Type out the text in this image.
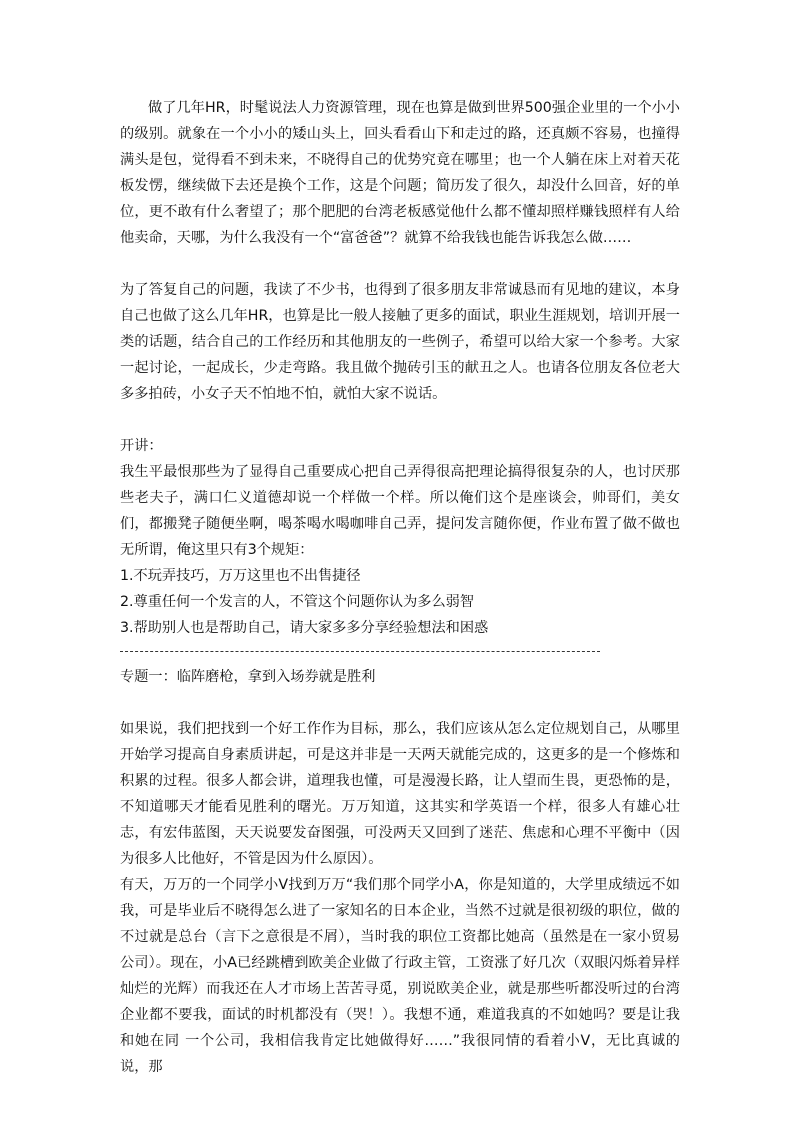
做了几年HR，时髦说法人力资源管理，现在也算是做到世界500强企业里的一个小小的级别。就象在一个小小的矮山头上，回头看看山下和走过的路，还真颇不容易，也撞得满头是包，觉得看不到未来，不晓得自己的优势究竟在哪里；也一个人躺在床上对着天花板发愣，继续做下去还是换个工作，这是个问题；简历发了很久，却没什么回音，好的单位，更不敢有什么奢望了；那个肥肥的台湾老板感觉他什么都不懂却照样赚钱照样有人给他卖命，天哪，为什么我没有一个“富爸爸”？就算不给我钱也能告诉我怎么做……

为了答复自己的问题，我读了不少书，也得到了很多朋友非常诚恳而有见地的建议，本身自己也做了这么几年HR，也算是比一般人接触了更多的面试，职业生涯规划，培训开展一类的话题，结合自己的工作经历和其他朋友的一些例子，希望可以给大家一个参考。大家一起讨论，一起成长，少走弯路。我且做个抛砖引玉的献丑之人。也请各位朋友各位老大多多拍砖，小女子天不怕地不怕，就怕大家不说话。

开讲：

我生平最恨那些为了显得自己重要成心把自己弄得很高把理论搞得很复杂的人，也讨厌那些老夫子，满口仁义道德却说一个样做一个样。所以俺们这个是座谈会，帅哥们，美女们，都搬凳子随便坐啊，喝茶喝水喝咖啡自己弄，提问发言随你便，作业布置了做不做也无所谓，俺这里只有3个规矩：

1.不玩弄技巧，万万这里也不出售捷径

2.尊重任何一个发言的人，不管这个问题你认为多么弱智

3.帮助别人也是帮助自己，请大家多多分享经验想法和困惑

专题一：临阵磨枪，拿到入场券就是胜利

如果说，我们把找到一个好工作作为目标，那么，我们应该从怎么定位规划自己，从哪里开始学习提高自身素质讲起，可是这并非是一天两天就能完成的，这更多的是一个修炼和积累的过程。很多人都会讲，道理我也懂，可是漫漫长路，让人望而生畏，更恐怖的是，不知道哪天才能看见胜利的曙光。万万知道，这其实和学英语一个样，很多人有雄心壮志，有宏伟蓝图，天天说要发奋图强，可没两天又回到了迷茫、焦虑和心理不平衡中（因为很多人比他好，不管是因为什么原因）。

有天，万万的一个同学小V找到万万“我们那个同学小A，你是知道的，大学里成绩远不如我，可是毕业后不晓得怎么进了一家知名的日本企业，当然不过就是很初级的职位，做的不过就是总台（言下之意很是不屑），当时我的职位工资都比她高（虽然是在一家小贸易公司）。现在，小A已经跳槽到欧美企业做了行政主管，工资涨了好几次（双眼闪烁着异样灿烂的光辉）而我还在人才市场上苦苦寻觅，别说欧美企业，就是那些听都没听过的台湾企业都不要我，面试的时机都没有（哭！）。我想不通，难道我真的不如她吗？要是让我和她在同 一个公司，我相信我肯定比她做得好……”我很同情的看着小V，无比真诚的说，那
